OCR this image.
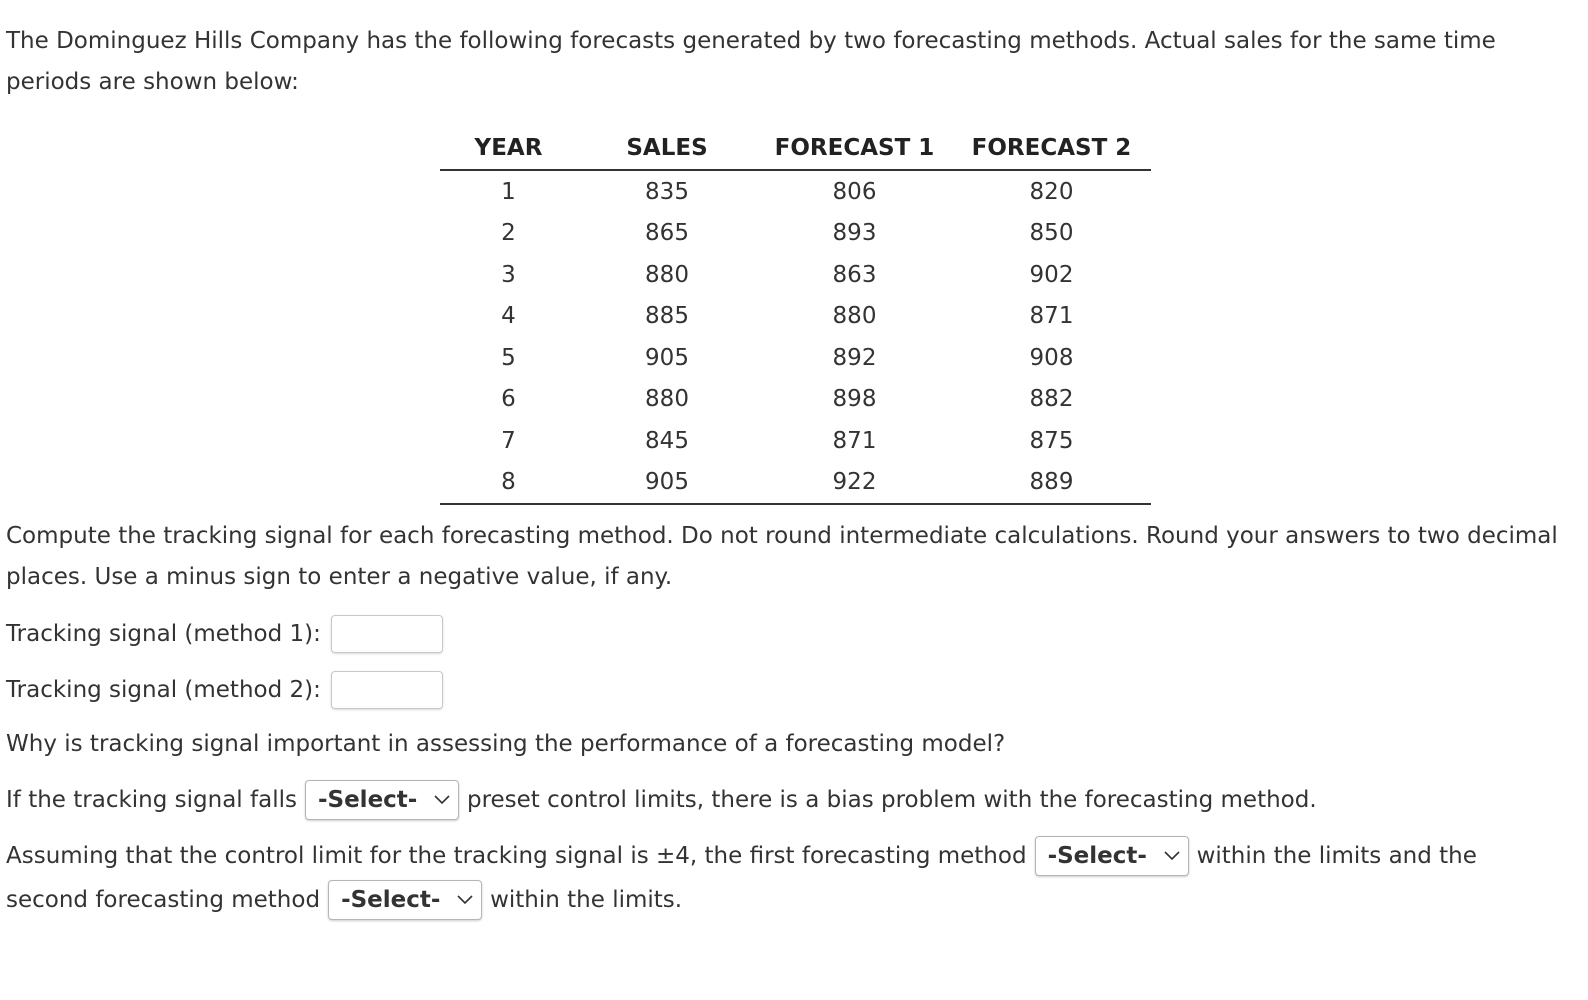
The Dominguez Hills Company has the following forecasts generated by two forecasting methods. Actual sales for the same time periods are shown below:

YEAR	SALES	FORECAST 1	FORECAST 2
1	835	806	820
2	865	893	850
3	880	863	902
4	885	880	871
5	905	892	908
6	880	898	882
7	845	871	875
8	905	922	889

Compute the tracking signal for each forecasting method. Do not round intermediate calculations. Round your answers to two decimal places. Use a minus sign to enter a negative value, if any.

Tracking signal (method 1):
Tracking signal (method 2):
Why is tracking signal important in assessing the performance of a forecasting model?
If the tracking signal falls -Select- preset control limits, there is a bias problem with the forecasting method.
Assuming that the control limit for the tracking signal is ±4, the first forecasting method -Select- within the limits and the
second forecasting method -Select- within the limits.
